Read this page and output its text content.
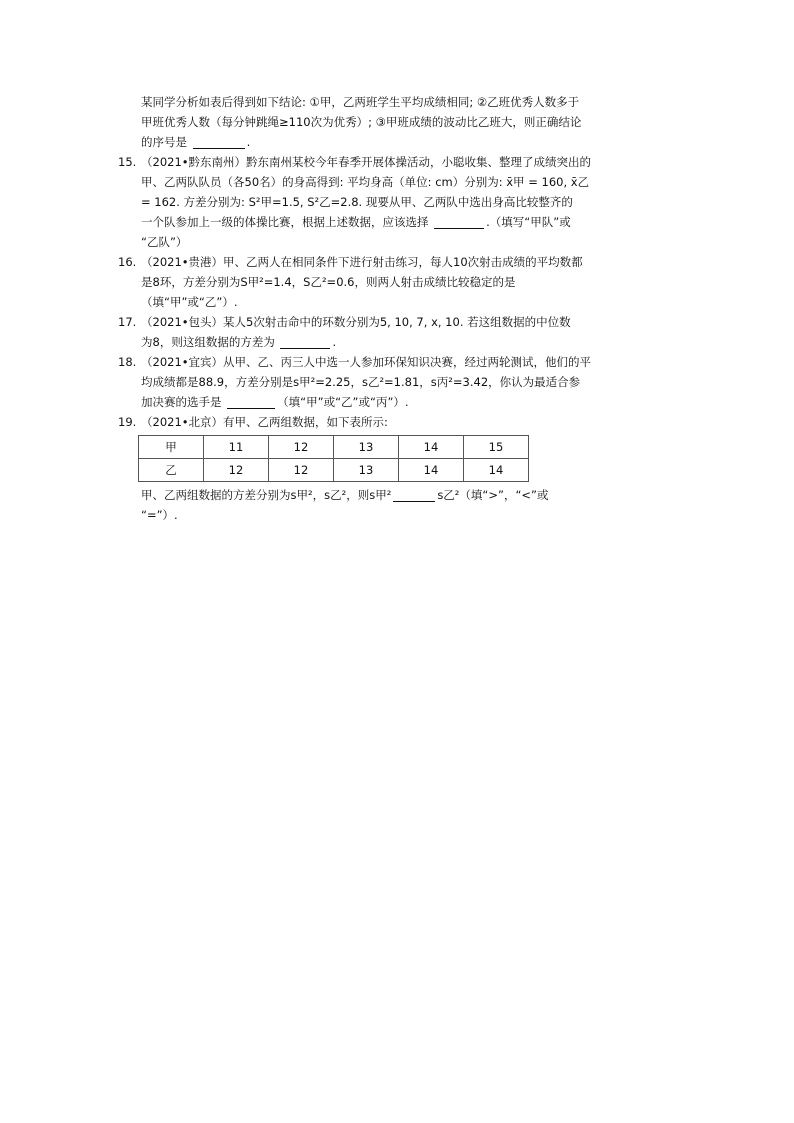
某同学分析如表后得到如下结论: ①甲，乙两班学生平均成绩相同; ②乙班优秀人数多于
甲班优秀人数（每分钟跳绳≥110次为优秀）; ③甲班成绩的波动比乙班大，则正确结论
的序号是	.
15. （2021•黔东南州）黔东南州某校今年春季开展体操活动，小聪收集、整理了成绩突出的
甲、乙两队队员（各50名）的身高得到: 平均身高（单位: cm）分别为: x̄甲 = 160, x̄乙
= 162. 方差分别为: S²甲=1.5, S²乙=2.8. 现要从甲、乙两队中选出身高比较整齐的
一个队参加上一级的体操比赛，根据上述数据，应该选择	.（填写“甲队”或
“乙队”）
16. （2021•贵港）甲、乙两人在相同条件下进行射击练习，每人10次射击成绩的平均数都
是8环，方差分别为S甲²=1.4，S乙²=0.6，则两人射击成绩比较稳定的是
（填“甲”或“乙”）.
17. （2021•包头）某人5次射击命中的环数分别为5, 10, 7, x, 10. 若这组数据的中位数
为8，则这组数据的方差为	.
18. （2021•宜宾）从甲、乙、丙三人中选一人参加环保知识决赛，经过两轮测试，他们的平
均成绩都是88.9，方差分别是s甲²=2.25，s乙²=1.81，s丙²=3.42，你认为最适合参
加决赛的选手是	（填“甲”或“乙”或“丙”）.
19. （2021•北京）有甲、乙两组数据，如下表所示:
甲	11	12	13	14	15
乙	12	12	13	14	14
甲、乙两组数据的方差分别为s甲²，s乙²，则s甲²	s乙²（填“>”，“<”或
“=”）.
